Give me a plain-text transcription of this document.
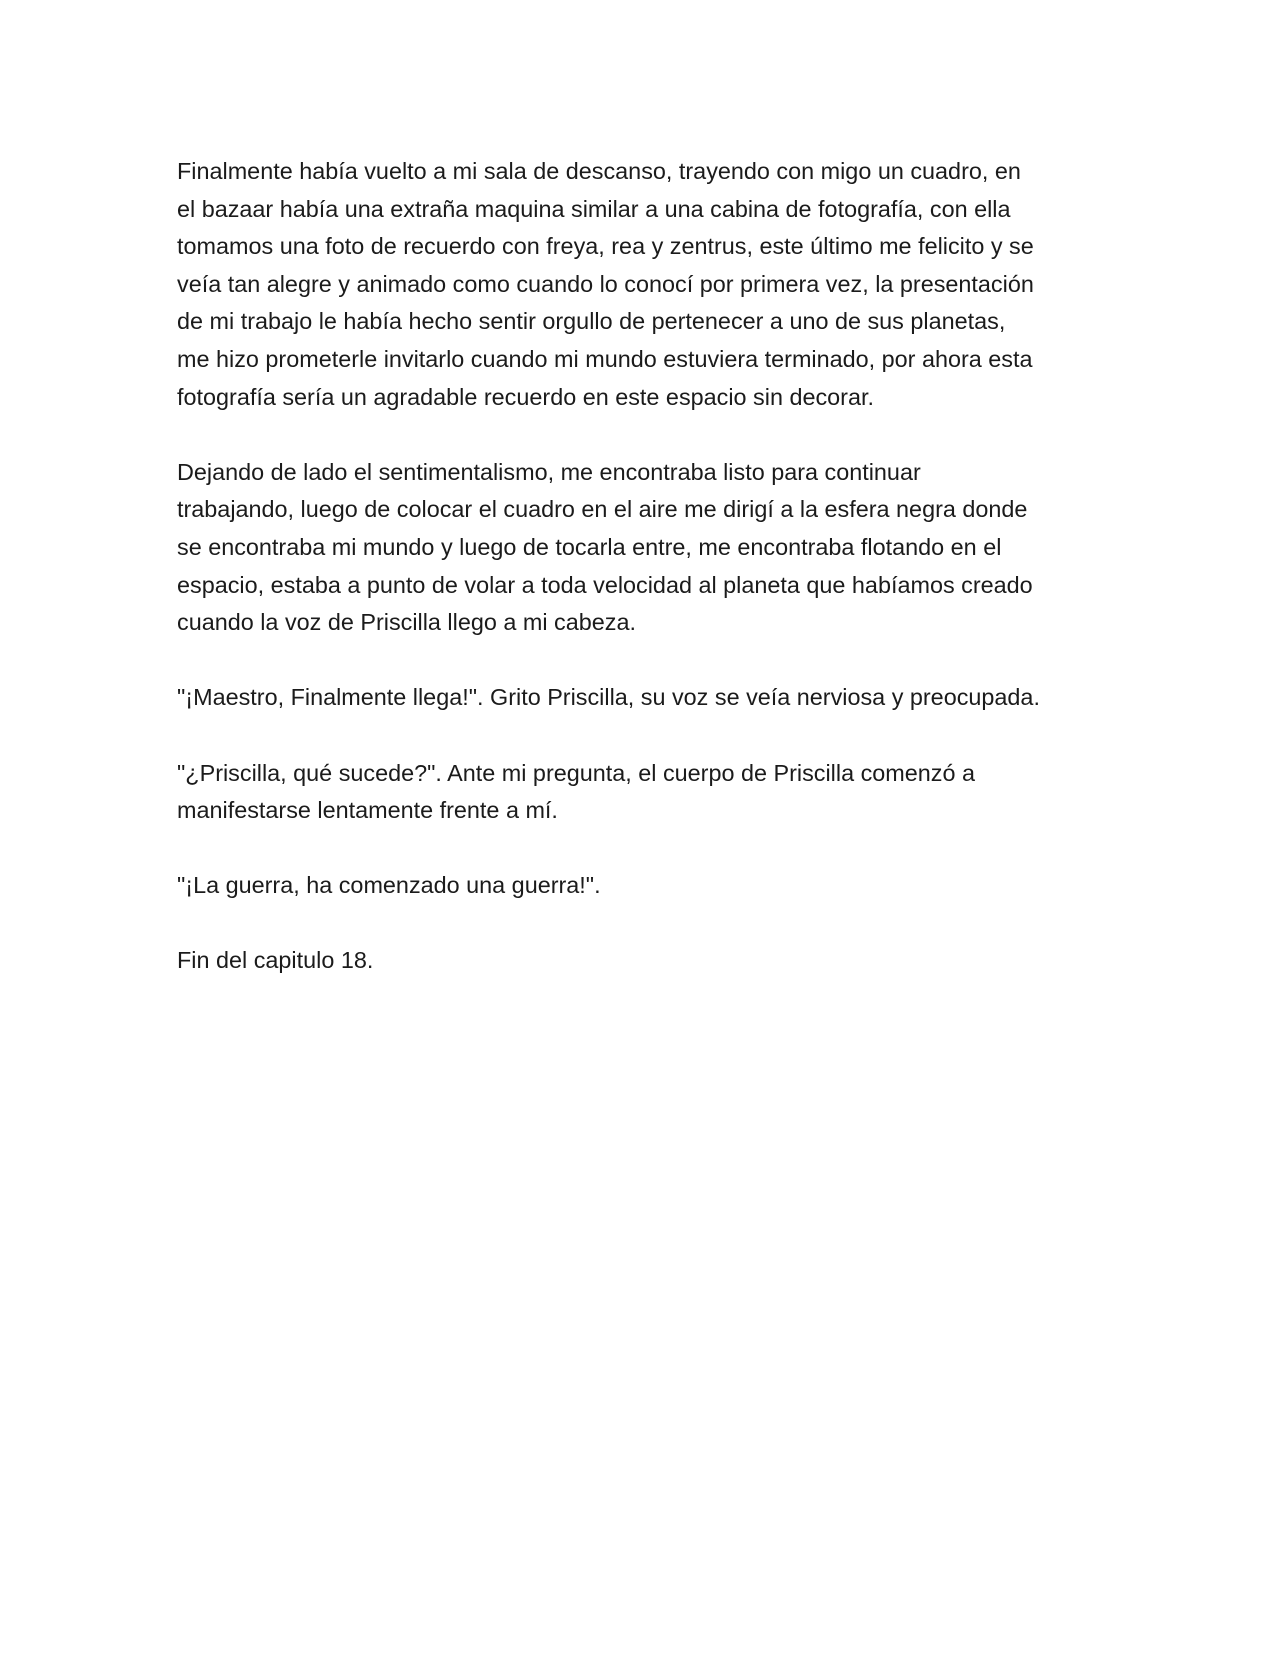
Finalmente había vuelto a mi sala de descanso, trayendo con migo un cuadro, en
el bazaar había una extraña maquina similar a una cabina de fotografía, con ella
tomamos una foto de recuerdo con freya, rea y zentrus, este último me felicito y se
veía tan alegre y animado como cuando lo conocí por primera vez, la presentación
de mi trabajo le había hecho sentir orgullo de pertenecer a uno de sus planetas,
me hizo prometerle invitarlo cuando mi mundo estuviera terminado, por ahora esta
fotografía sería un agradable recuerdo en este espacio sin decorar.

Dejando de lado el sentimentalismo, me encontraba listo para continuar
trabajando, luego de colocar el cuadro en el aire me dirigí a la esfera negra donde
se encontraba mi mundo y luego de tocarla entre, me encontraba flotando en el
espacio, estaba a punto de volar a toda velocidad al planeta que habíamos creado
cuando la voz de Priscilla llego a mi cabeza.

"¡Maestro, Finalmente llega!". Grito Priscilla, su voz se veía nerviosa y preocupada.

"¿Priscilla, qué sucede?". Ante mi pregunta, el cuerpo de Priscilla comenzó a
manifestarse lentamente frente a mí.

"¡La guerra, ha comenzado una guerra!".

Fin del capitulo 18.
